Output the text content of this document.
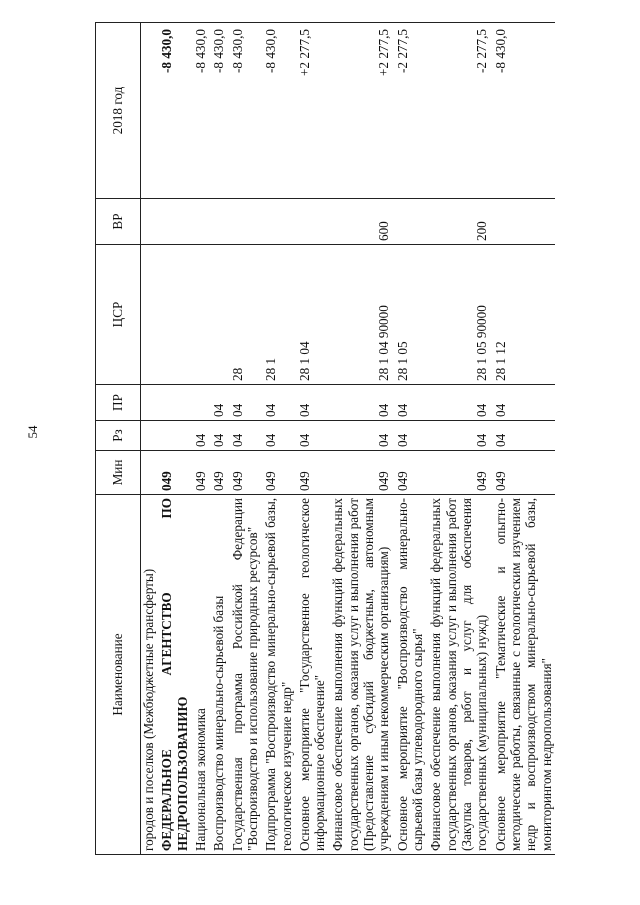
54
Наименование	Мин	Рз	ПР	ЦСР	ВР	2018 год
городов и поселков (Межбюджетные трансферты)						
ФЕДЕРАЛЬНОЕ АГЕНТСТВО ПО НЕДРОПОЛЬЗОВАНИЮ	049					-8 430,0
Национальная экономика	049	04				-8 430,0
Воспроизводство минерально-сырьевой базы	049	04	04			-8 430,0
Государственная программа Российской Федерации "Воспроизводство и использование природных ресурсов"	049	04	04	28		-8 430,0
Подпрограмма "Воспроизводство минерально-сырьевой базы, геологическое изучение недр"	049	04	04	28 1		-8 430,0
Основное мероприятие "Государственное геологическое информационное обеспечение"	049	04	04	28 1 04		+2 277,5
Финансовое обеспечение выполнения функций федеральных государственных органов, оказания услуг и выполнения работ (Предоставление субсидий бюджетным, автономным учреждениям и иным некоммерческим организациям)	049	04	04	28 1 04 90000	600	+2 277,5
Основное мероприятие "Воспроизводство минерально-сырьевой базы углеводородного сырья"	049	04	04	28 1 05		-2 277,5
Финансовое обеспечение выполнения функций федеральных государственных органов, оказания услуг и выполнения работ (Закупка товаров, работ и услуг для обеспечения государственных (муниципальных) нужд)	049	04	04	28 1 05 90000	200	-2 277,5
Основное мероприятие "Тематические и опытно-методические работы, связанные с геологическим изучением недр и воспроизводством минерально-сырьевой базы, мониторингом недропользования"	049	04	04	28 1 12		-8 430,0
